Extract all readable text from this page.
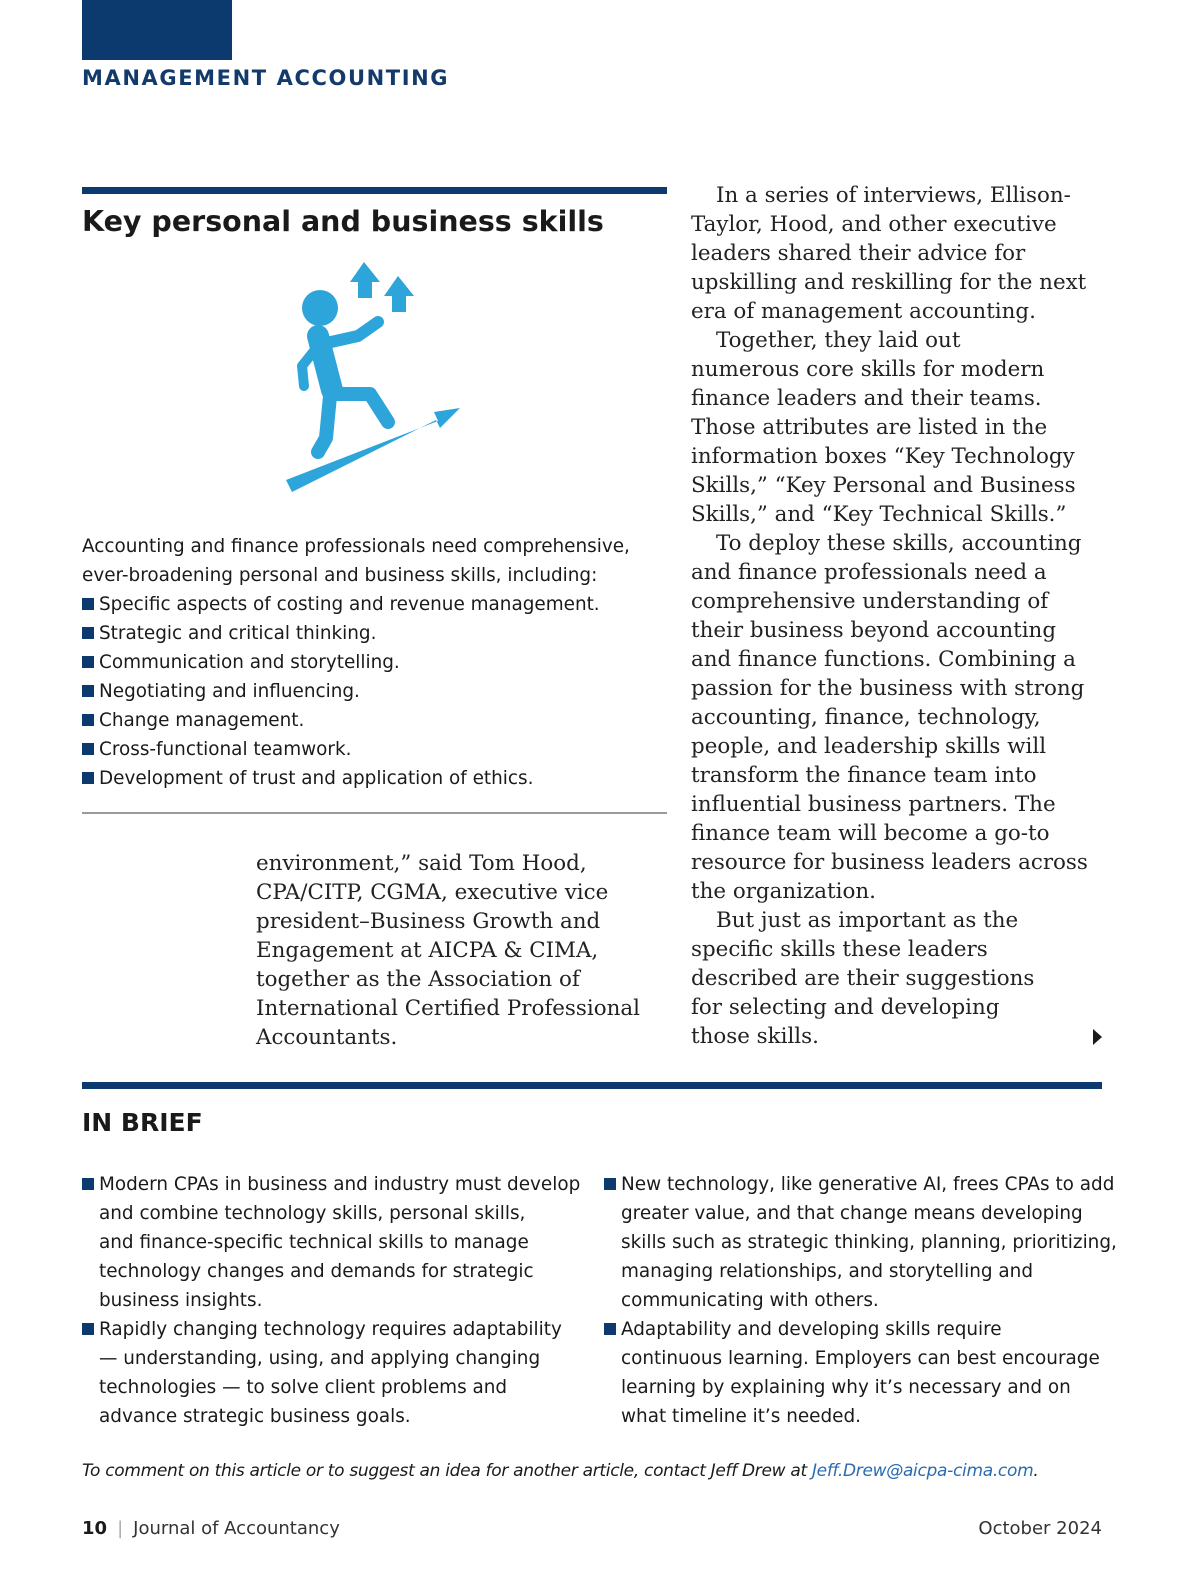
MANAGEMENT ACCOUNTING
Key personal and business skills
Accounting and finance professionals need comprehensive,
ever-broadening personal and business skills, including:
Specific aspects of costing and revenue management.
Strategic and critical thinking.
Communication and storytelling.
Negotiating and influencing.
Change management.
Cross-functional teamwork.
Development of trust and application of ethics.
environment,” said Tom Hood,
CPA/CITP, CGMA, executive vice
president–Business Growth and
Engagement at AICPA & CIMA,
together as the Association of
International Certified Professional
Accountants.
In a series of interviews, Ellison-
Taylor, Hood, and other executive
leaders shared their advice for
upskilling and reskilling for the next
era of management accounting.
Together, they laid out
numerous core skills for modern
finance leaders and their teams.
Those attributes are listed in the
information boxes “Key Technology
Skills,” “Key Personal and Business
Skills,” and “Key Technical Skills.”
To deploy these skills, accounting
and finance professionals need a
comprehensive understanding of
their business beyond accounting
and finance functions. Combining a
passion for the business with strong
accounting, finance, technology,
people, and leadership skills will
transform the finance team into
influential business partners. The
finance team will become a go-to
resource for business leaders across
the organization.
But just as important as the
specific skills these leaders
described are their suggestions
for selecting and developing
those skills.
IN BRIEF
Modern CPAs in business and industry must develop
and combine technology skills, personal skills,
and finance-specific technical skills to manage
technology changes and demands for strategic
business insights.
Rapidly changing technology requires adaptability
— understanding, using, and applying changing
technologies — to solve client problems and
advance strategic business goals.
New technology, like generative AI, frees CPAs to add
greater value, and that change means developing
skills such as strategic thinking, planning, prioritizing,
managing relationships, and storytelling and
communicating with others.
Adaptability and developing skills require
continuous learning. Employers can best encourage
learning by explaining why it’s necessary and on
what timeline it’s needed.
To comment on this article or to suggest an idea for another article, contact Jeff Drew at Jeff.Drew@aicpa-cima.com.
10 | Journal of Accountancy	October 2024
